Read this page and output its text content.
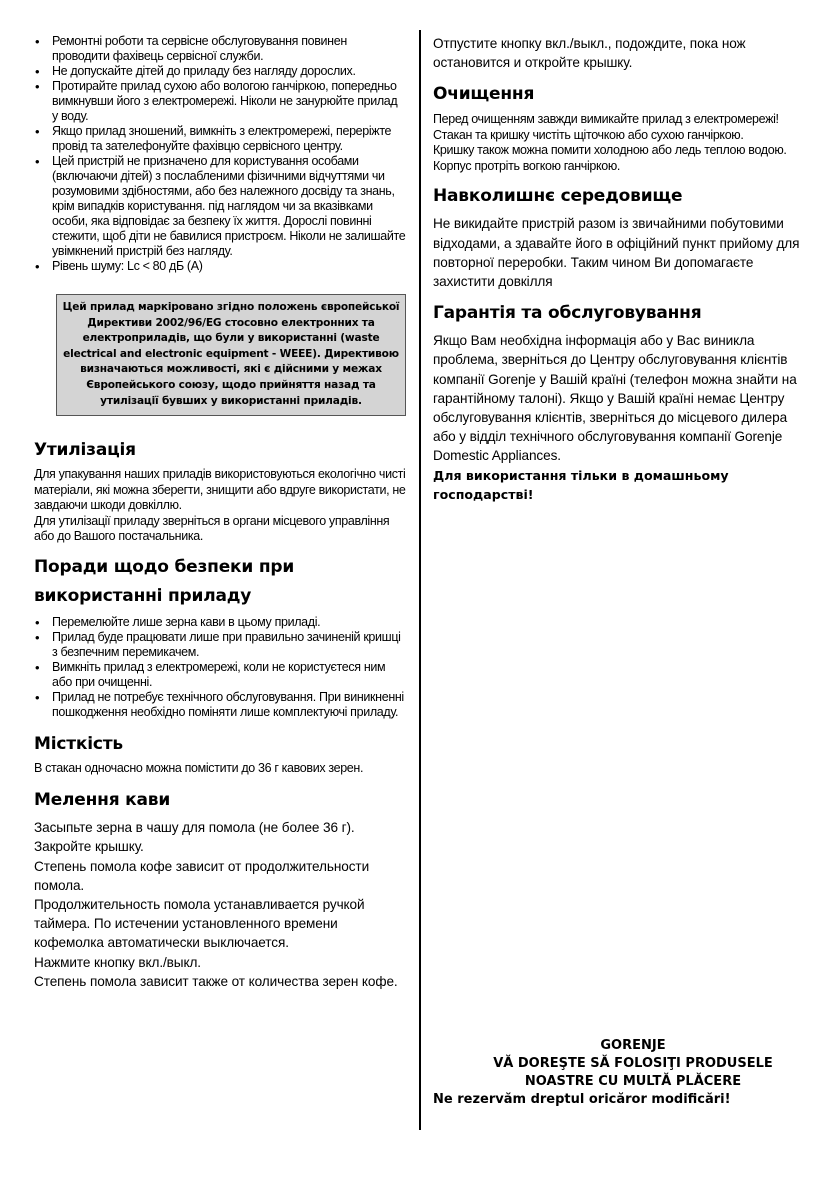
• Ремонтні роботи та сервісне обслуговування повинен проводити фахівець сервісної служби.
• Не допускайте дітей до приладу без нагляду дорослих.
• Протирайте прилад сухою або вологою ганчіркою, попередньо вимкнувши його з електромережі. Ніколи не занурюйте прилад у воду.
• Якщо прилад зношений, вимкніть з електромережі, переріжте провід та зателефонуйте фахівцю сервісного центру.
• Цей пристрій не призначено для користування особами (включаючи дітей) з послабленими фізичними відчуттями чи розумовими здібностями, або без належного досвіду та знань, крім випадків користування. під наглядом чи за вказівками особи, яка відповідає за безпеку їх життя. Дорослі повинні стежити, щоб діти не бавилися пристроєм. Ніколи не залишайте увімкнений пристрій без нагляду.
• Рівень шуму: Lc < 80 дБ (A)
Цей прилад маркіровано згідно положень європейської Директиви 2002/96/EG стосовно електронних та електроприладів, що були у використанні (waste electrical and electronic equipment - WEEE). Директивою визначаються можливості, які є дійсними у межах Європейського союзу, щодо прийняття назад та утилізації бувших у використанні приладів.
Утилізація

Для упакування наших приладів використовуються екологічно чисті матеріали, які можна зберегти, знищити або вдруге використати, не завдаючи шкоди довкіллю.

Для утилізації приладу зверніться в органи місцевого управління або до Вашого постачальника.

Поради щодо безпеки при
використанні приладу
• Перемелюйте лише зерна кави в цьому приладі.
• Прилад буде працювати лише при правильно зачиненій кришці з безпечним перемикачем.
• Вимкніть прилад з електромережі, коли не користуєтеся ним або при очищенні.
• Прилад не потребує технічного обслуговування. При виникненні пошкодження необхідно поміняти лише комплектуючі приладу.
Місткість

В стакан одночасно можна помістити до 36 г кавових зерен.

Мелення кави

Засыпьте зерна в чашу для помола (не более 36 г). Закройте крышку.

Степень помола кофе зависит от продолжительности помола.

Продолжительность помола устанавливается ручкой таймера. По истечении установленного времени кофемолка автоматически выключается.

Нажмите кнопку вкл./выкл.

Степень помола зависит также от количества зерен кофе.

Отпустите кнопку вкл./выкл., подождите, пока нож остановится и откройте крышку.

Очищення

Перед очищенням завжди вимикайте прилад з електромережі!

Стакан та кришку чистіть щіточкою або сухою ганчіркою.

Кришку також можна помити холодною або ледь теплою водою.

Корпус протріть вогкою ганчіркою.

Навколишнє середовище

Не викидайте пристрій разом із звичайними побутовими відходами, а здавайте його в офіційний пункт прийому для повторної переробки. Таким чином Ви допомагаєте захистити довкілля

Гарантія та обслуговування

Якщо Вам необхідна інформація або у Вас виникла проблема, зверніться до Центру обслуговування клієнтів компанії Gorenje у Вашій країні (телефон можна знайти на гарантійному талоні). Якщо у Вашій країні немає Центру обслуговування клієнтів, зверніться до місцевого дилера або у відділ технічного обслуговування компанії Gorenje Domestic Appliances.

Для використання тільки в домашньому господарстві!

GORENJE
VĂ DOREŞTE SĂ FOLOSIŢI PRODUSELE
NOASTRE CU MULTĂ PLĂCERE
Ne rezervăm dreptul oricăror modificări!
